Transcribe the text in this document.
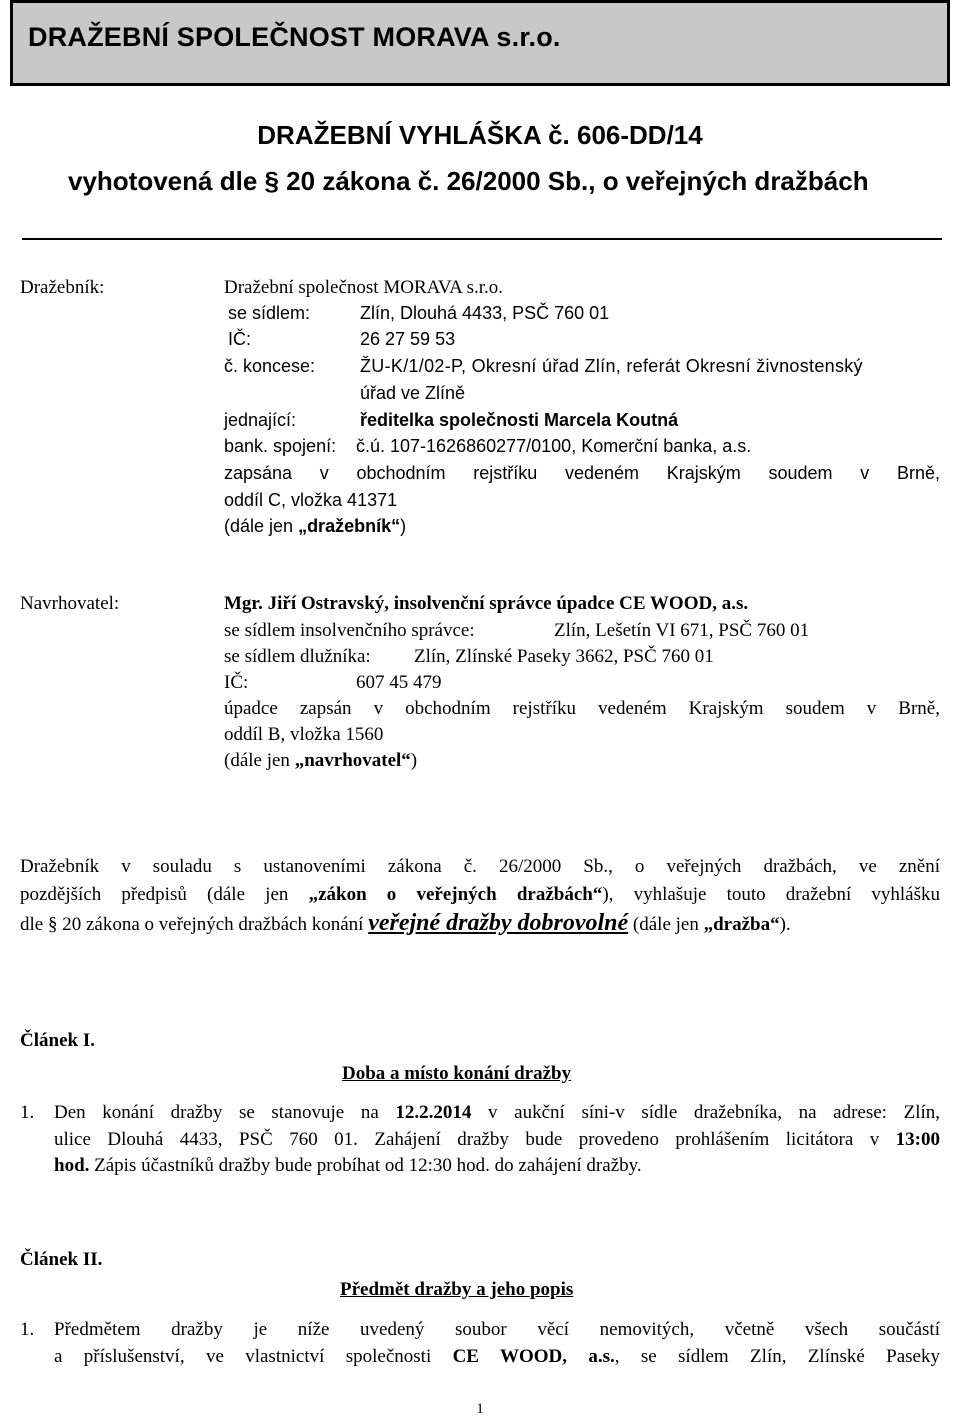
DRAŽEBNÍ SPOLEČNOST MORAVA s.r.o.
DRAŽEBNÍ VYHLÁŠKA č. 606-DD/14
vyhotovená dle § 20 zákona č. 26/2000 Sb., o veřejných dražbách
Dražebník:	Dražební společnost MORAVA s.r.o.
se sídlem:	Zlín, Dlouhá 4433, PSČ 760 01
IČ:	26 27 59 53
č. koncese: ŽU-K/1/02-P, Okresní úřad Zlín, referát Okresní živnostenský
úřad ve Zlíně
jednající:	ředitelka společnosti Marcela Koutná
bank. spojení: č.ú. 107-1626860277/0100, Komerční banka, a.s.
zapsána v obchodním rejstříku vedeném Krajským soudem v Brně,
oddíl C, vložka 41371
(dále jen „dražebník“)
Navrhovatel:	Mgr. Jiří Ostravský, insolvenční správce úpadce CE WOOD, a.s.
se sídlem insolvenčního správce:	Zlín, Lešetín VI 671, PSČ 760 01
se sídlem dlužníka: Zlín, Zlínské Paseky 3662, PSČ 760 01
IČ:	607 45 479
úpadce zapsán v obchodním rejstříku vedeném Krajským soudem v Brně,
oddíl B, vložka 1560
(dále jen „navrhovatel“)
Dražebník v souladu s ustanoveními zákona č. 26/2000 Sb., o veřejných dražbách, ve znění
pozdějších předpisů (dále jen „zákon o veřejných dražbách“), vyhlašuje touto dražební vyhlášku
dle § 20 zákona o veřejných dražbách konání veřejné dražby dobrovolné (dále jen „dražba“).
Článek I.
Doba a místo konání dražby
1. Den konání dražby se stanovuje na 12.2.2014 v aukční síni-v sídle dražebníka, na adrese: Zlín,
ulice Dlouhá 4433, PSČ 760 01. Zahájení dražby bude provedeno prohlášením licitátora v 13:00
hod. Zápis účastníků dražby bude probíhat od 12:30 hod. do zahájení dražby.
Článek II.
Předmět dražby a jeho popis
1. Předmětem dražby je níže uvedený soubor věcí nemovitých, včetně všech součástí
a příslušenství, ve vlastnictví společnosti CE WOOD, a.s., se sídlem Zlín, Zlínské Paseky
1
